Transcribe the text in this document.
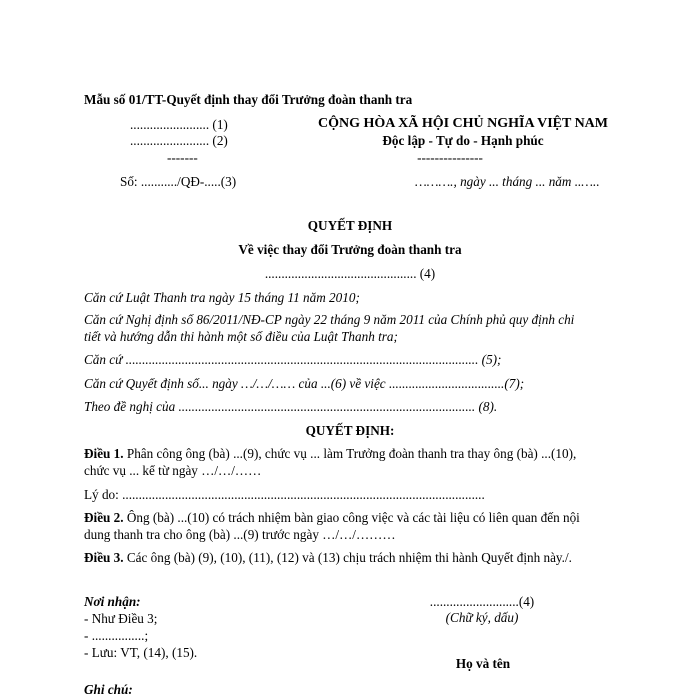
Mẫu số 01/TT-Quyết định thay đổi Trưởng đoàn thanh tra
........................ (1)
........................ (2)
-------
Số: .........../QĐ-.....(3)
CỘNG HÒA XÃ HỘI CHỦ NGHĨA VIỆT NAM
Độc lập - Tự do - Hạnh phúc
---------------
………., ngày ... tháng ... năm ..…..
QUYẾT ĐỊNH
Về việc thay đổi Trưởng đoàn thanh tra
.............................................. (4)
Căn cứ Luật Thanh tra ngày 15 tháng 11 năm 2010;
Căn cứ Nghị định số 86/2011/NĐ-CP ngày 22 tháng 9 năm 2011 của Chính phủ quy định chi
tiết và hướng dẫn thi hành một số điều của Luật Thanh tra;
Căn cứ ........................................................................................................... (5);
Căn cứ Quyết định số... ngày …/…/…… của ...(6) về việc ...................................(7);
Theo đề nghị của .......................................................................................... (8).
QUYẾT ĐỊNH:
Điều 1. Phân công ông (bà) ...(9), chức vụ ... làm Trưởng đoàn thanh tra thay ông (bà) ...(10),
chức vụ ... kể từ ngày …/…/……
Lý do: ..............................................................................................................
Điều 2. Ông (bà) ...(10) có trách nhiệm bàn giao công việc và các tài liệu có liên quan đến nội
dung thanh tra cho ông (bà) ...(9) trước ngày …/…/………
Điều 3. Các ông (bà) (9), (10), (11), (12) và (13) chịu trách nhiệm thi hành Quyết định này./.
Nơi nhận:
- Như Điều 3;
- ................;
- Lưu: VT, (14), (15).
...........................(4)
(Chữ ký, dấu)
Họ và tên
Ghi chú:
